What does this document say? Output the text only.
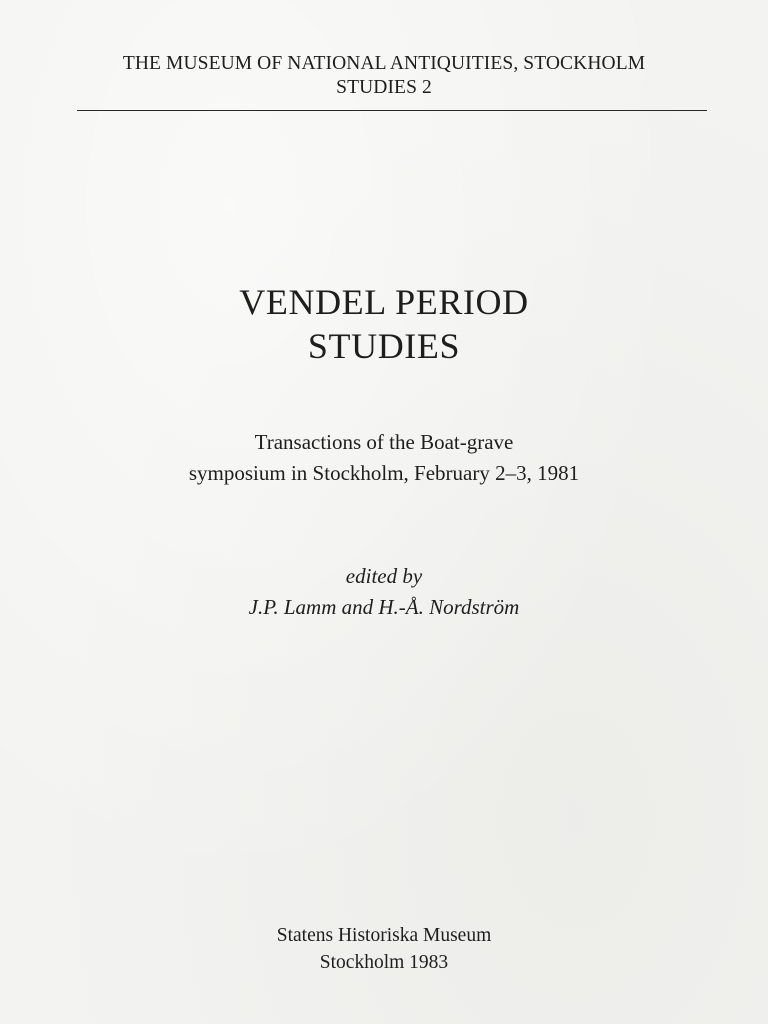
THE MUSEUM OF NATIONAL ANTIQUITIES, STOCKHOLM
STUDIES 2
VENDEL PERIOD
STUDIES
Transactions of the Boat-grave
symposium in Stockholm, February 2–3, 1981
edited by
J.P. Lamm and H.-Å. Nordström
Statens Historiska Museum
Stockholm 1983
